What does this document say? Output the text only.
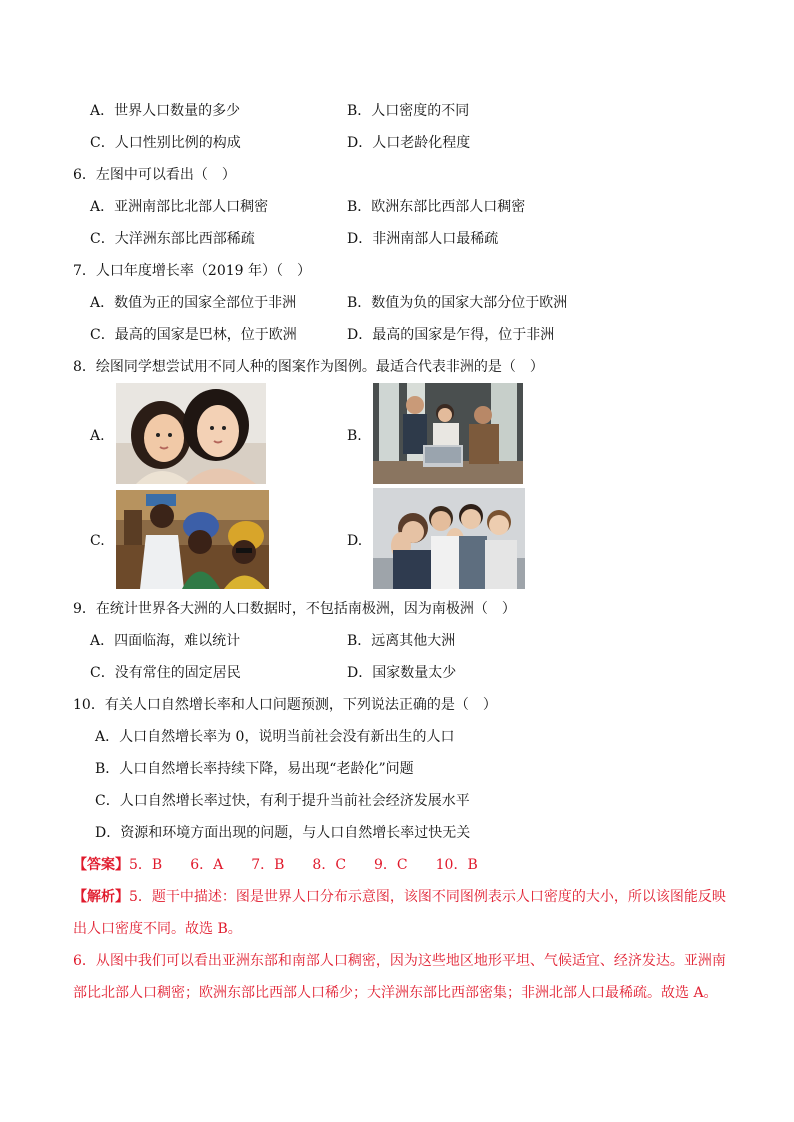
A．世界人口数量的多少	B．人口密度的不同
C．人口性别比例的构成	D．人口老龄化程度
6．左图中可以看出（　）
A．亚洲南部比北部人口稠密	B．欧洲东部比西部人口稠密
C．大洋洲东部比西部稀疏	D．非洲南部人口最稀疏
7．人口年度增长率（2019 年）（　）
A．数值为正的国家全部位于非洲	B．数值为负的国家大部分位于欧洲
C．最高的国家是巴林，位于欧洲	D．最高的国家是乍得，位于非洲
8．绘图同学想尝试用不同人种的图案作为图例。最适合代表非洲的是（　）
A.	B.
C.	D.
9．在统计世界各大洲的人口数据时，不包括南极洲，因为南极洲（　）
A．四面临海，难以统计	B．远离其他大洲
C．没有常住的固定居民	D．国家数量太少
10．有关人口自然增长率和人口问题预测，下列说法正确的是（　）
A．人口自然增长率为 0，说明当前社会没有新出生的人口
B．人口自然增长率持续下降，易出现“老龄化”问题
C．人口自然增长率过快，有利于提升当前社会经济发展水平
D．资源和环境方面出现的问题，与人口自然增长率过快无关
【答案】5．B　　6．A　　7．B　　8．C　　9．C　　10．B
【解析】5．题干中描述：图是世界人口分布示意图，该图不同图例表示人口密度的大小，所以该图能反映
出人口密度不同。故选 B。
6．从图中我们可以看出亚洲东部和南部人口稠密，因为这些地区地形平坦、气候适宜、经济发达。亚洲南
部比北部人口稠密；欧洲东部比西部人口稀少；大洋洲东部比西部密集；非洲北部人口最稀疏。故选 A。
